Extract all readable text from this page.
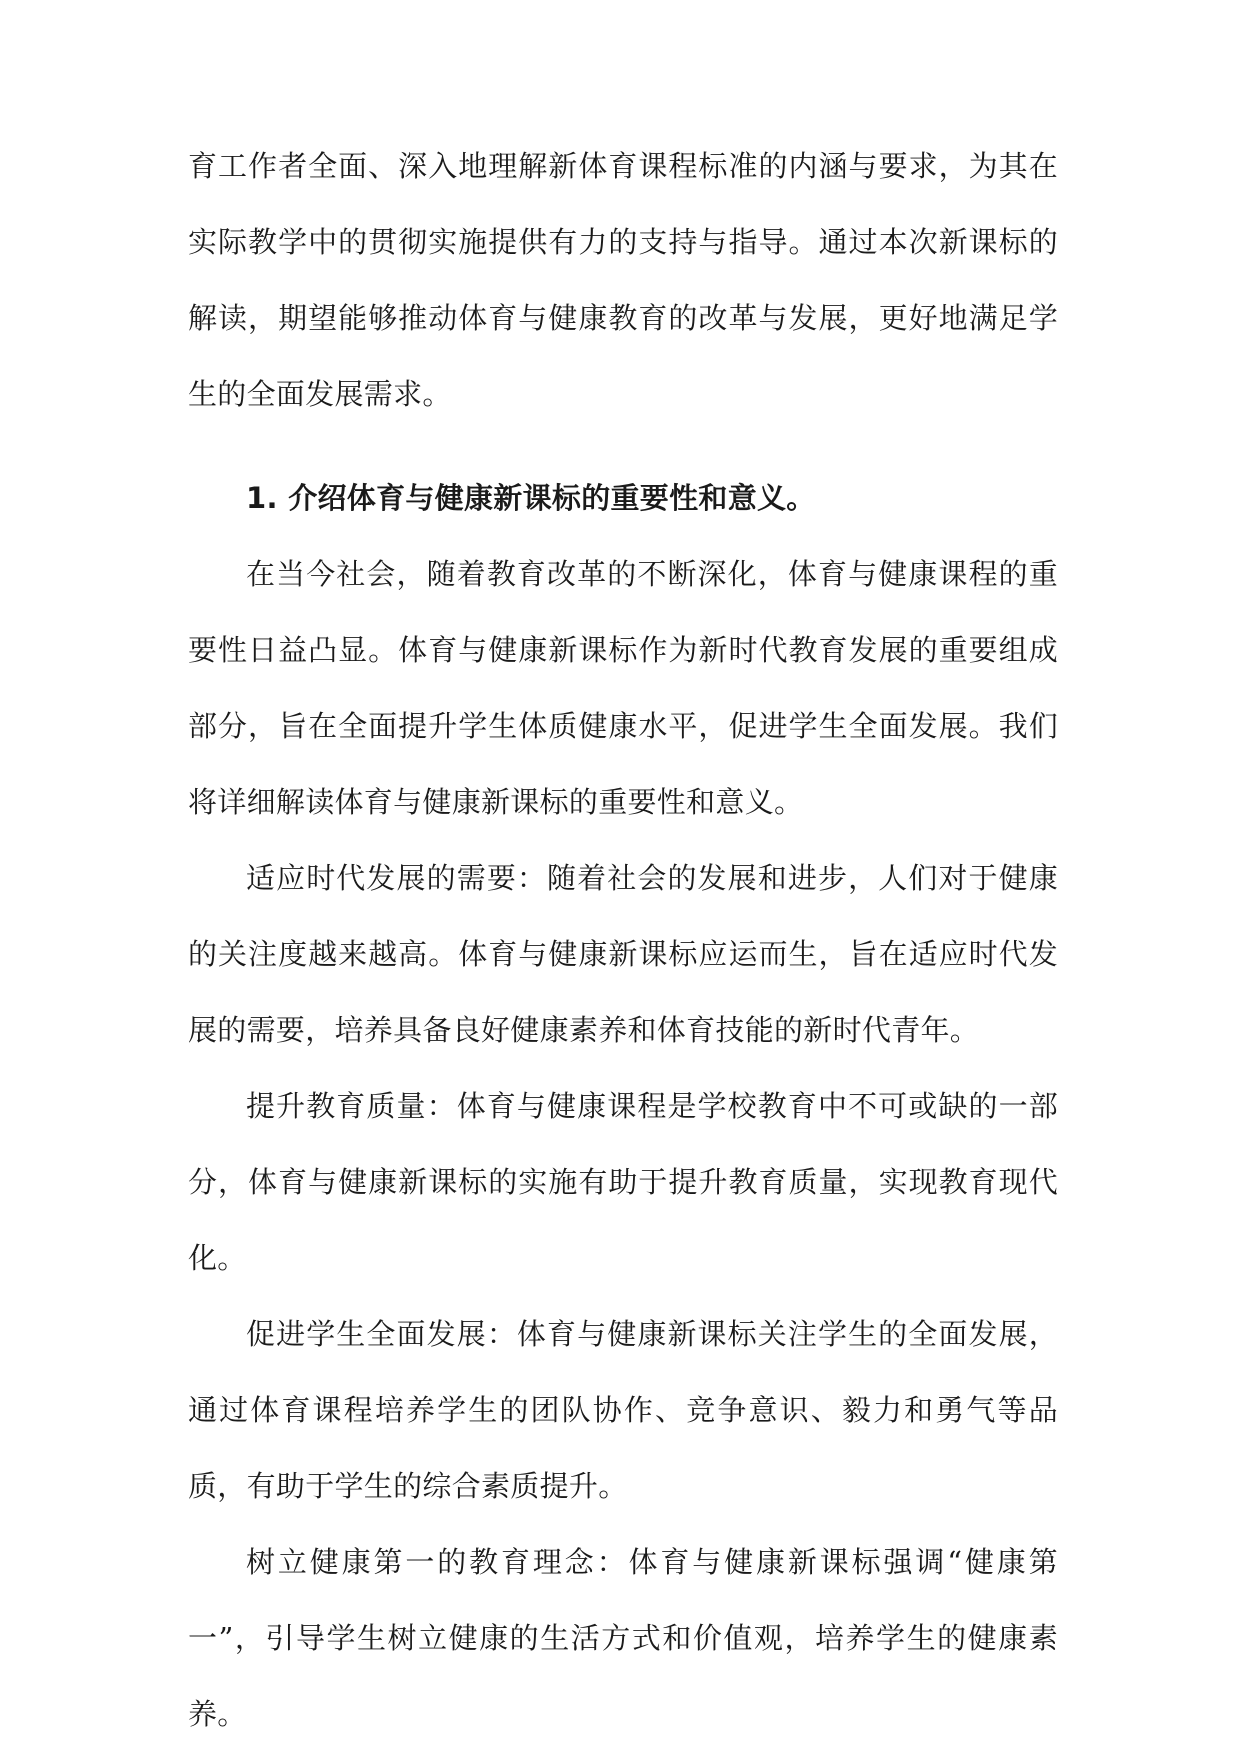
育工作者全面、深入地理解新体育课程标准的内涵与要求，为其在实际教学中的贯彻实施提供有力的支持与指导。通过本次新课标的解读，期望能够推动体育与健康教育的改革与发展，更好地满足学生的全面发展需求。

1. 介绍体育与健康新课标的重要性和意义。

在当今社会，随着教育改革的不断深化，体育与健康课程的重要性日益凸显。体育与健康新课标作为新时代教育发展的重要组成部分，旨在全面提升学生体质健康水平，促进学生全面发展。我们将详细解读体育与健康新课标的重要性和意义。

适应时代发展的需要：随着社会的发展和进步，人们对于健康的关注度越来越高。体育与健康新课标应运而生，旨在适应时代发展的需要，培养具备良好健康素养和体育技能的新时代青年。

提升教育质量：体育与健康课程是学校教育中不可或缺的一部分，体育与健康新课标的实施有助于提升教育质量，实现教育现代化。

促进学生全面发展：体育与健康新课标关注学生的全面发展，通过体育课程培养学生的团队协作、竞争意识、毅力和勇气等品质，有助于学生的综合素质提升。

树立健康第一的教育理念：体育与健康新课标强调“健康第一”，引导学生树立健康的生活方式和价值观，培养学生的健康素养。
